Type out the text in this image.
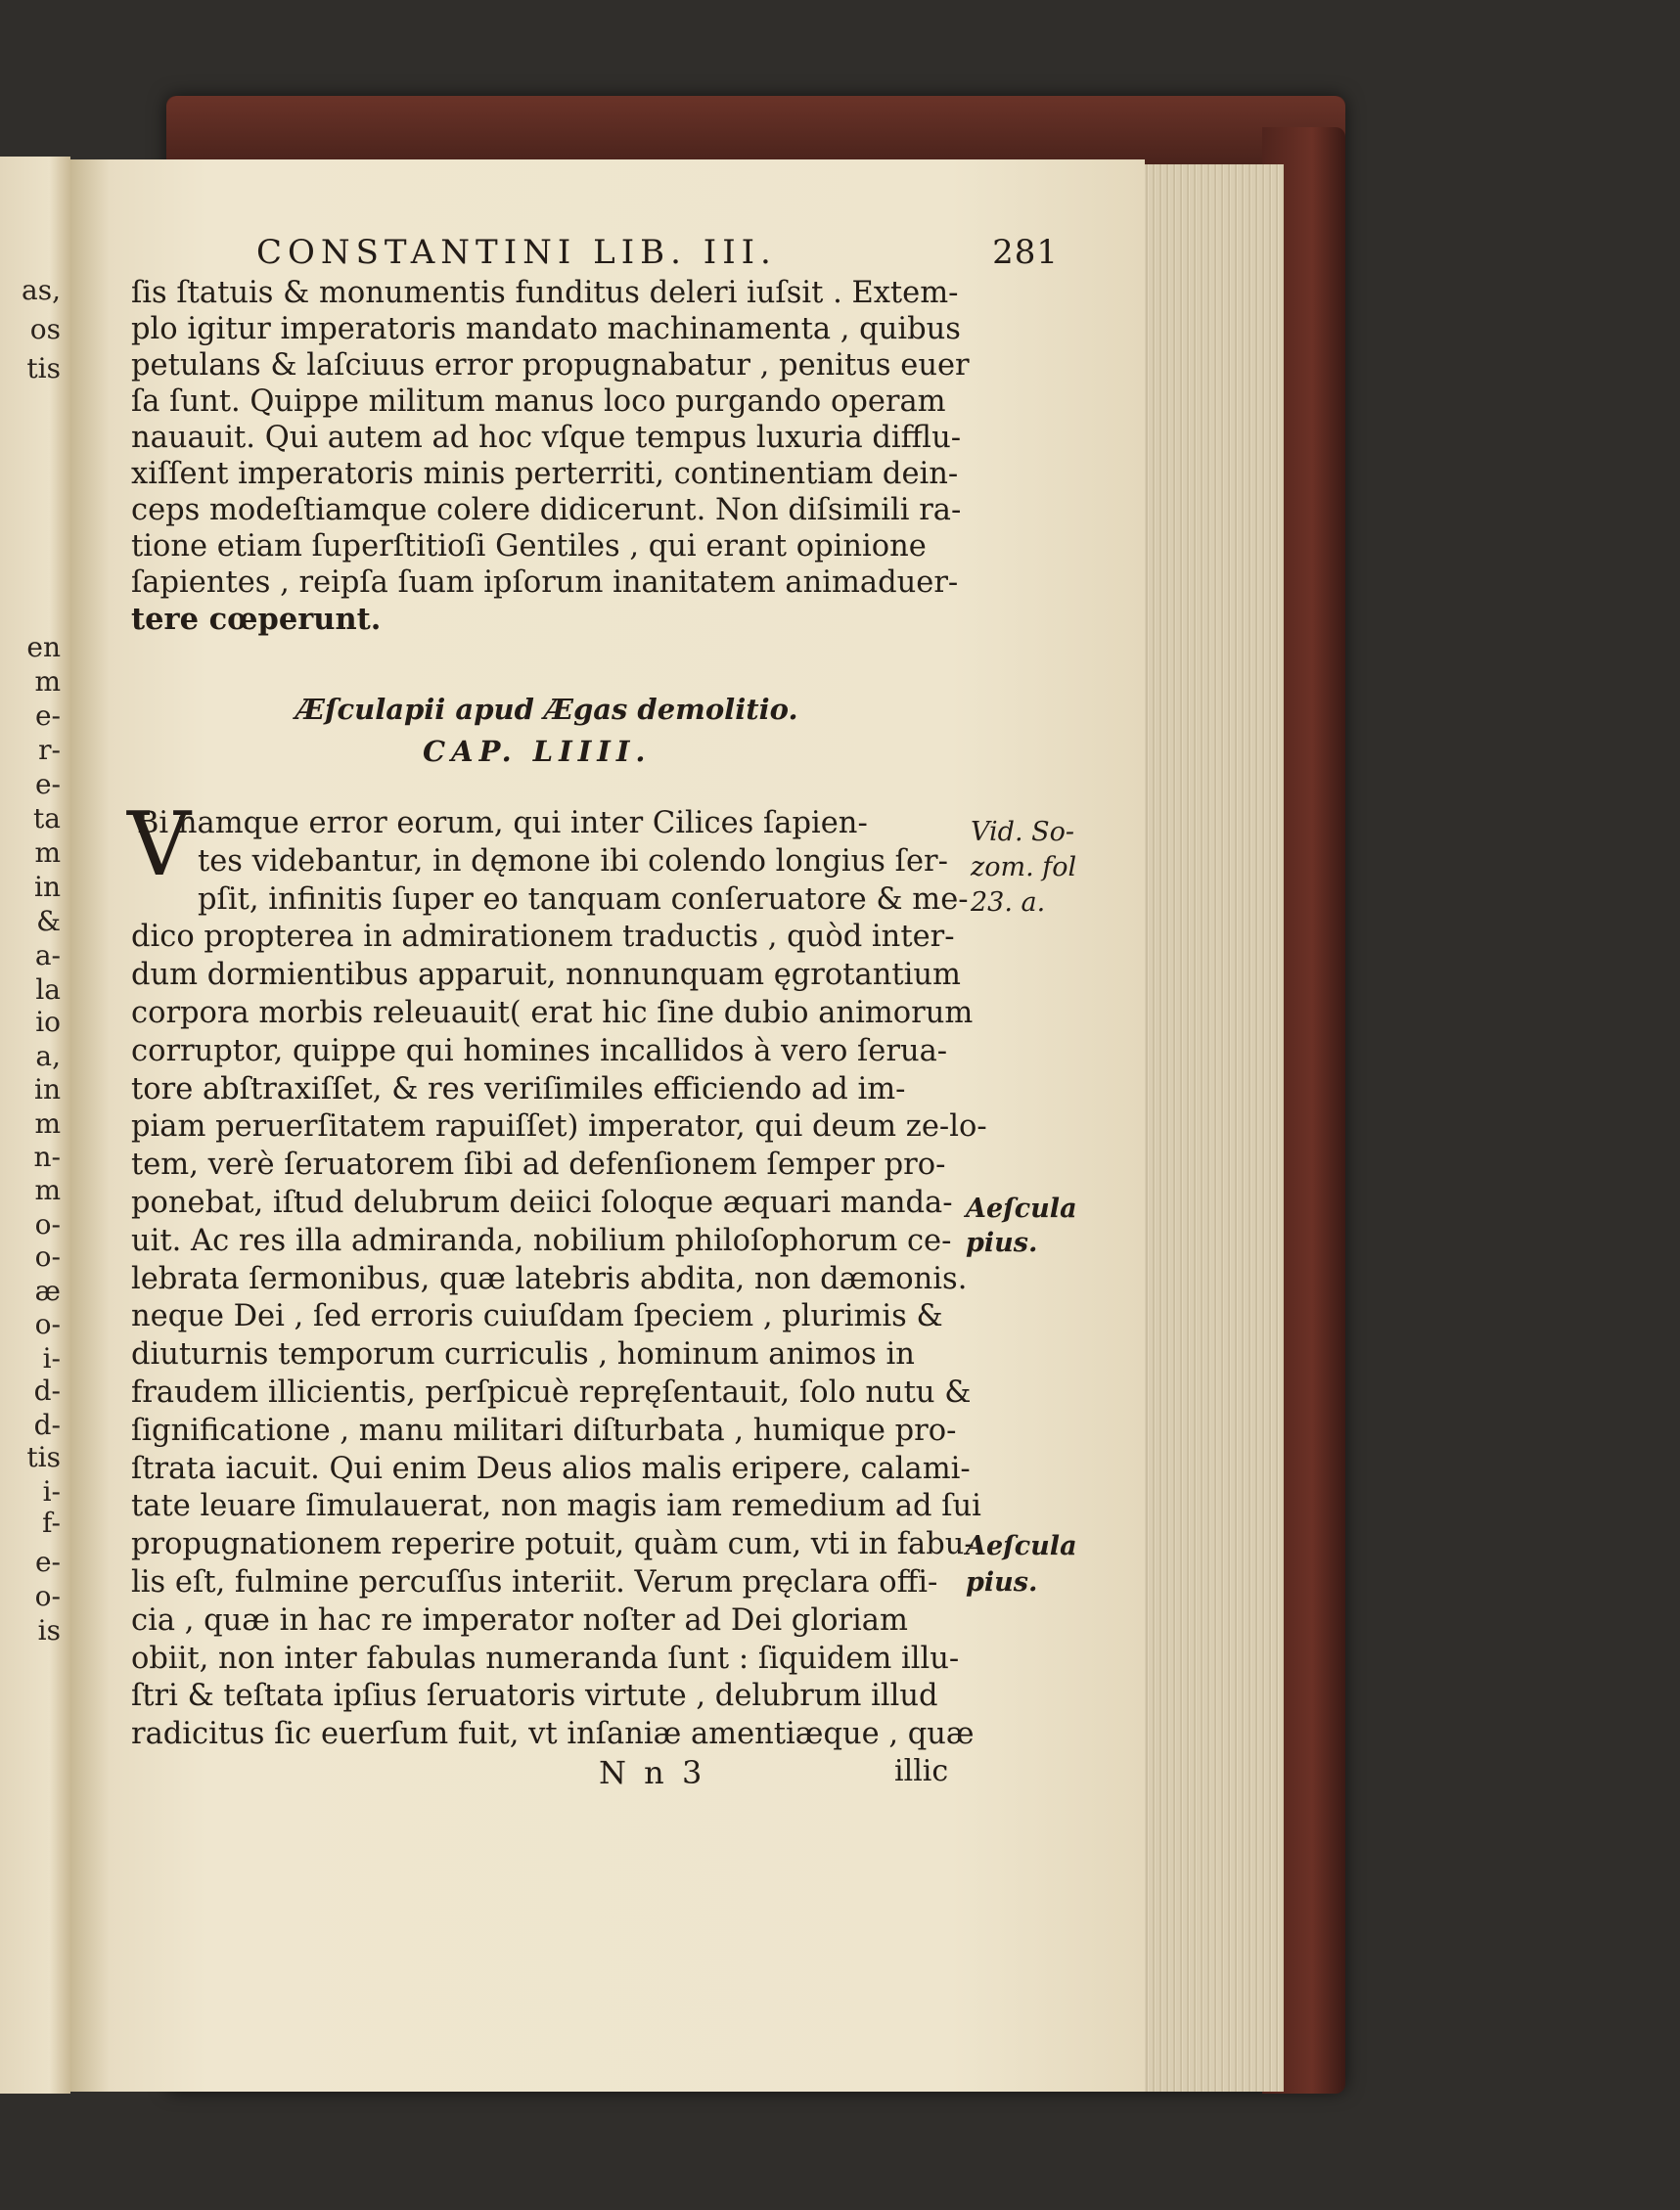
as,
os
tis
en
m
e-
r-
e-
ta
m
in
&
a-
la
io
a,
in
m
n-
m
o-
o-
æ
o-
i-
d-
d-
tis
i-
f-
e-
o-
is
CONSTANTINI LIB. III.	281
ſis ſtatuis & monumentis funditus deleri iuſsit . Extem-
plo igitur imperatoris mandato machinamenta , quibus
petulans & laſciuus error propugnabatur , penitus euer
ſa ſunt. Quippe militum manus loco purgando operam
nauauit. Qui autem ad hoc vſque tempus luxuria difflu-
xiſſent imperatoris minis perterriti, continentiam dein-
ceps modeſtiamque colere didicerunt. Non diſsimili ra-
tione etiam ſuperſtitioſi Gentiles , qui erant opinione
ſapientes , reipſa ſuam ipſorum inanitatem animaduer-
tere cœperunt.
Æſculapii apud Ægas demolitio.
CAP. LIIII.
V
Bi namque error eorum, qui inter Cilices ſapien-
tes videbantur, in dęmone ibi colendo longius ſer-
pſit, infinitis ſuper eo tanquam conſeruatore & me-
dico propterea in admirationem traductis , quòd inter-
dum dormientibus apparuit, nonnunquam ęgrotantium
corpora morbis releuauit( erat hic ſine dubio animorum
corruptor, quippe qui homines incallidos à vero ſerua-
tore abſtraxiſſet, & res veriſimiles efficiendo ad im-
piam peruerſitatem rapuiſſet) imperator, qui deum ze-lo-
tem, verè ſeruatorem ſibi ad defenſionem ſemper pro-
ponebat, iſtud delubrum deiici ſoloque æquari manda-
uit. Ac res illa admiranda, nobilium philoſophorum ce-
lebrata ſermonibus, quæ latebris abdita, non dæmonis.
neque Dei , ſed erroris cuiuſdam ſpeciem , plurimis &
diuturnis temporum curriculis , hominum animos in
fraudem illicientis, perſpicuè repręſentauit, ſolo nutu &
ſignificatione , manu militari diſturbata , humique pro-
ſtrata iacuit. Qui enim Deus alios malis eripere, calami-
tate leuare ſimulauerat, non magis iam remedium ad ſui
propugnationem reperire potuit, quàm cum, vti in fabu-
lis eſt, fulmine percuſſus interiit. Verum pręclara offi-
cia , quæ in hac re imperator noſter ad Dei gloriam
obiit, non inter fabulas numeranda ſunt : ſiquidem illu-
ſtri & teſtata ipſius ſeruatoris virtute , delubrum illud
radicitus ſic euerſum fuit, vt inſaniæ amentiæque , quæ
Vid. So-
zom. fol
23. a.
Aeſcula
pius.
Aeſcula
pius.
N n 3	illic
